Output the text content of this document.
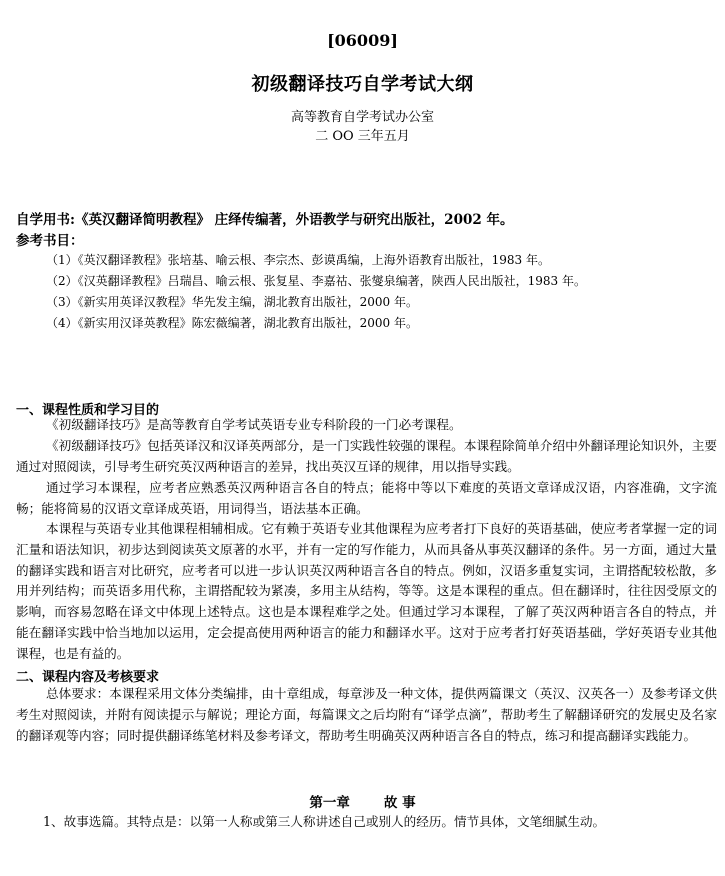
[06009]
初级翻译技巧自学考试大纲
高等教育自学考试办公室
二 OO 三年五月
自学用书:《英汉翻译简明教程》 庄绎传编著，外语教学与研究出版社，2002 年。
参考书目：
（1）《英汉翻译教程》张培基、喻云根、李宗杰、彭谟禹编，上海外语教育出版社，1983 年。
（2）《汉英翻译教程》吕瑞昌、喻云根、张复星、李嘉祜、张燮泉编著，陕西人民出版社，1983 年。
（3）《新实用英译汉教程》华先发主编，湖北教育出版社，2000 年。
（4）《新实用汉译英教程》陈宏薇编著，湖北教育出版社，2000 年。
一、课程性质和学习目的

《初级翻译技巧》是高等教育自学考试英语专业专科阶段的一门必考课程。

《初级翻译技巧》包括英译汉和汉译英两部分，是一门实践性较强的课程。本课程除简单介绍中外翻译理论知识外，主要通过对照阅读，引导考生研究英汉两种语言的差异，找出英汉互译的规律，用以指导实践。

通过学习本课程，应考者应熟悉英汉两种语言各自的特点；能将中等以下难度的英语文章译成汉语，内容准确，文字流畅；能将简易的汉语文章译成英语，用词得当，语法基本正确。

本课程与英语专业其他课程相辅相成。它有赖于英语专业其他课程为应考者打下良好的英语基础，使应考者掌握一定的词汇量和语法知识，初步达到阅读英文原著的水平，并有一定的写作能力，从而具备从事英汉翻译的条件。另一方面，通过大量的翻译实践和语言对比研究，应考者可以进一步认识英汉两种语言各自的特点。例如，汉语多重复实词，主谓搭配较松散，多用并列结构；而英语多用代称，主谓搭配较为紧凑，多用主从结构，等等。这是本课程的重点。但在翻译时，往往因受原文的影响，而容易忽略在译文中体现上述特点。这也是本课程难学之处。但通过学习本课程，了解了英汉两种语言各自的特点，并能在翻译实践中恰当地加以运用，定会提高使用两种语言的能力和翻译水平。这对于应考者打好英语基础，学好英语专业其他课程，也是有益的。

二、课程内容及考核要求

总体要求：本课程采用文体分类编排，由十章组成，每章涉及一种文体，提供两篇课文（英汉、汉英各一）及参考译文供考生对照阅读，并附有阅读提示与解说；理论方面，每篇课文之后均附有“译学点滴”，帮助考生了解翻译研究的发展史及名家的翻译观等内容；同时提供翻译练笔材料及参考译文，帮助考生明确英汉两种语言各自的特点，练习和提高翻译实践能力。

第一章	故 事
1、故事选篇。其特点是：以第一人称或第三人称讲述自己或别人的经历。情节具体，文笔细腻生动。
